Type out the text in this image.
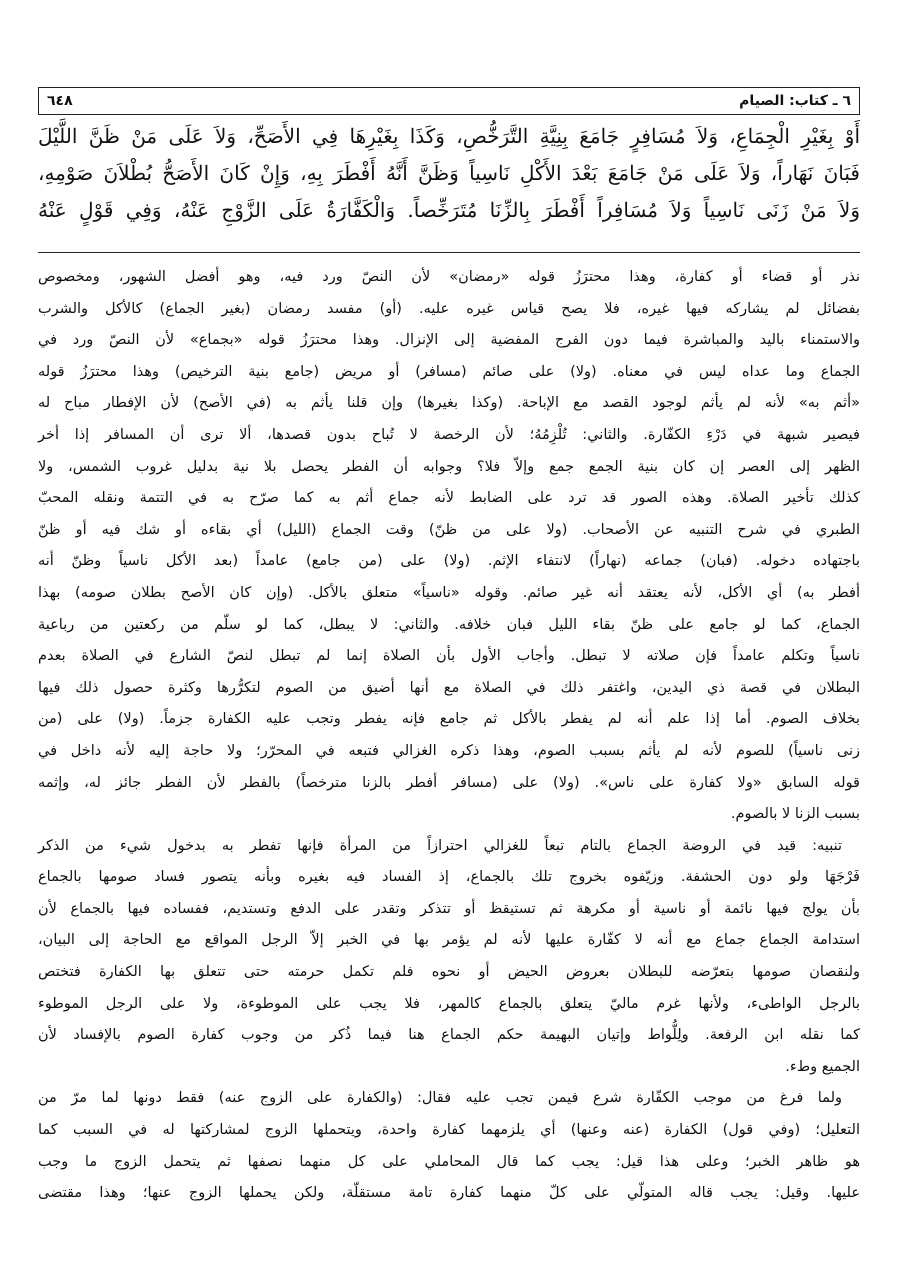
٦ ـ كتاب: الصيام
٦٤٨

أَوْ بِغَيْرِ الْجِمَاعِ، وَلاَ مُسَافِرٍ جَامَعَ بِنِيَّةِ التَّرَخُّصِ، وَكَذَا بِغَيْرِهَا فِي الأَصَحِّ، وَلاَ عَلَى مَنْ ظَنَّ اللَّيْلَ

فَبَانَ نَهَاراً، وَلاَ عَلَى مَنْ جَامَعَ بَعْدَ الأَكْلِ نَاسِياً وَظَنَّ أَنَّهُ أَفْطَرَ بِهِ، وَإِنْ كَانَ الأَصَحُّ بُطْلاَنَ صَوْمِهِ،

وَلاَ مَنْ زَنَى نَاسِياً وَلاَ مُسَافِراً أَفْطَرَ بِالزِّنَا مُتَرَخِّصاً. وَالْكَفَّارَةُ عَلَى الزَّوْجِ عَنْهُ، وَفِي قَوْلٍ عَنْهُ

نذر أو قضاء أو كفارة، وهذا محترَزُ قوله «رمضان» لأن النصّ ورد فيه، وهو أفضل الشهور، ومخصوص

بفضائل لم يشاركه فيها غيره، فلا يصح قياس غيره عليه. (أو) مفسد رمضان (بغير الجماع) كالأكل والشرب

والاستمناء باليد والمباشرة فيما دون الفرج المفضية إلى الإنزال. وهذا محترَزُ قوله «بجماع» لأن النصّ ورد في

الجماع وما عداه ليس في معناه. (ولا) على صائم (مسافر) أو مريض (جامع بنية الترخيص) وهذا محترَزُ قوله

«أثم به» لأنه لم يأثم لوجود القصد مع الإباحة. (وكذا بغيرها) وإن قلنا يأثم به (في الأصح) لأن الإفطار مباح له

فيصير شبهة في دَرْءِ الكفّارة. والثاني: تُلْزِمُهُ؛ لأن الرخصة لا تُباح بدون قصدها، ألا ترى أن المسافر إذا أخر

الظهر إلى العصر إن كان بنية الجمع جمع وإلاّ فلا؟ وجوابه أن الفطر يحصل بلا نية بدليل غروب الشمس، ولا

كذلك تأخير الصلاة. وهذه الصور قد ترد على الضابط لأنه جماع أثم به كما صرّح به في التتمة ونقله المحبّ

الطبري في شرح التنبيه عن الأصحاب. (ولا على من ظنّ) وقت الجماع (الليل) أي بقاءه أو شك فيه أو ظنّ

باجتهاده دخوله. (فبان) جماعه (نهاراً) لانتفاء الإثم. (ولا) على (من جامع) عامداً (بعد الأكل ناسياً وظنّ أنه

أفطر به) أي الأكل، لأنه يعتقد أنه غير صائم. وقوله «ناسياً» متعلق بالأكل. (وإن كان الأصح بطلان صومه) بهذا

الجماع، كما لو جامع على ظنّ بقاء الليل فبان خلافه. والثاني: لا يبطل، كما لو سلّم من ركعتين من رباعية

ناسياً وتكلم عامداً فإن صلاته لا تبطل. وأجاب الأول بأن الصلاة إنما لم تبطل لنصّ الشارع في الصلاة بعدم

البطلان في قصة ذي اليدين، واغتفر ذلك في الصلاة مع أنها أضيق من الصوم لتكرُّرها وكثرة حصول ذلك فيها

بخلاف الصوم. أما إذا علم أنه لم يفطر بالأكل ثم جامع فإنه يفطر وتجب عليه الكفارة جزماً. (ولا) على (من

زنى ناسياً) للصوم لأنه لم يأثم بسبب الصوم، وهذا ذكره الغزالي فتبعه في المحرّر؛ ولا حاجة إليه لأنه داخل في

قوله السابق «ولا كفارة على ناس». (ولا) على (مسافر أفطر بالزنا مترخصاً) بالفطر لأن الفطر جائز له، وإثمه

بسبب الزنا لا بالصوم.

تنبيه: قيد في الروضة الجماع بالتام تبعاً للغزالي احترازاً من المرأة فإنها تفطر به بدخول شيء من الذكر

فَرْجَهَا ولو دون الحشفة. وزيّفوه بخروج تلك بالجماع، إذ الفساد فيه بغيره وبأنه يتصور فساد صومها بالجماع

بأن يولج فيها نائمة أو ناسية أو مكرهة ثم تستيقظ أو تتذكر وتقدر على الدفع وتستديم، ففساده فيها بالجماع لأن

استدامة الجماع جماع مع أنه لا كفّارة عليها لأنه لم يؤمر بها في الخبر إلاّ الرجل المواقع مع الحاجة إلى البيان،

ولنقصان صومها بتعرّضه للبطلان بعروض الحيض أو نحوه فلم تكمل حرمته حتى تتعلق بها الكفارة فتختص

بالرجل الواطىء، ولأنها غرم ماليّ يتعلق بالجماع كالمهر، فلا يجب على الموطوءة، ولا على الرجل الموطوء

كما نقله ابن الرفعة. ولِلُّواط وإتيان البهيمة حكم الجماع هنا فيما ذُكر من وجوب كفارة الصوم بالإفساد لأن

الجميع وطء.

ولما فرغ من موجب الكفّارة شرع فيمن تجب عليه فقال: (والكفارة على الزوج عنه) فقط دونها لما مرّ من

التعليل؛ (وفي قول) الكفارة (عنه وعنها) أي يلزمهما كفارة واحدة، ويتحملها الزوج لمشاركتها له في السبب كما

هو ظاهر الخبر؛ وعلى هذا قيل: يجب كما قال المحاملي على كل منهما نصفها ثم يتحمل الزوج ما وجب

عليها. وقيل: يجب قاله المتولّي على كلّ منهما كفارة تامة مستقلّة، ولكن يحملها الزوج عنها؛ وهذا مقتضى
